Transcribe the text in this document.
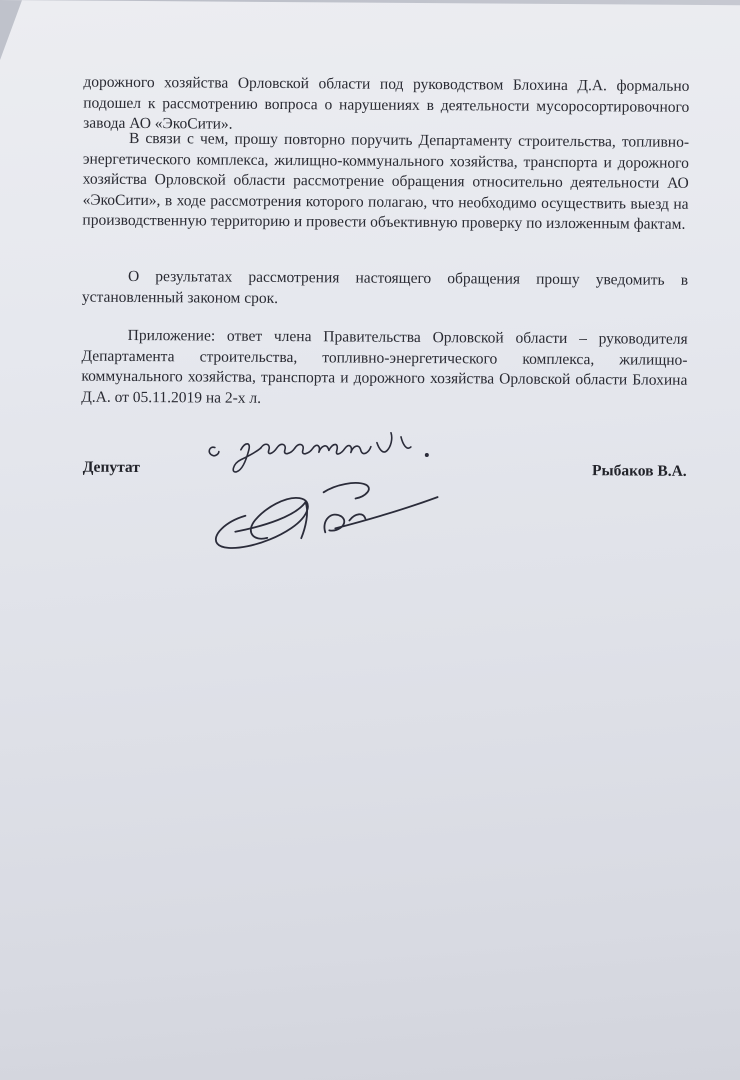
дорожного хозяйства Орловской области под руководством Блохина Д.А. формально подошел к рассмотрению вопроса о нарушениях в деятельности мусоросортировочного завода АО «ЭкоСити».
В связи с чем, прошу повторно поручить Департаменту строительства, топливно-энергетического комплекса, жилищно-коммунального хозяйства, транспорта и дорожного хозяйства Орловской области рассмотрение обращения относительно деятельности АО «ЭкоСити», в ходе рассмотрения которого полагаю, что необходимо осуществить выезд на производственную территорию и провести объективную проверку по изложенным фактам.
О результатах рассмотрения настоящего обращения прошу уведомить в установленный законом срок.
Приложение: ответ члена Правительства Орловской области – руководителя Департамента строительства, топливно-энергетического комплекса, жилищно-коммунального хозяйства, транспорта и дорожного хозяйства Орловской области Блохина Д.А. от 05.11.2019 на 2-х л.
Депутат	Рыбаков В.А.
